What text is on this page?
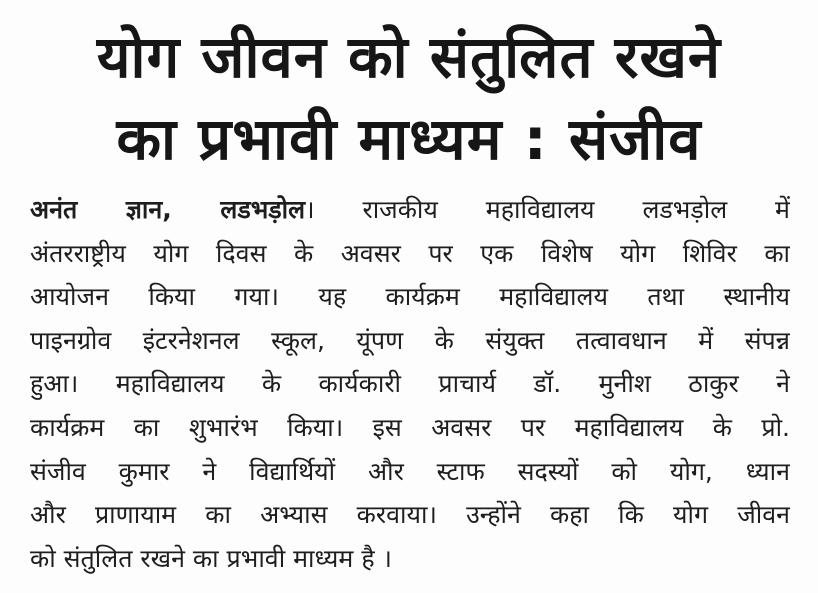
योग जीवन को संतुलित रखने
का प्रभावी माध्यम : संजीव
अनंत ज्ञान, लडभड़ोल। राजकीय महाविद्यालय लडभड़ोल में
अंतरराष्ट्रीय योग दिवस के अवसर पर एक विशेष योग शिविर का
आयोजन किया गया। यह कार्यक्रम महाविद्यालय तथा स्थानीय
पाइनग्रोव इंटरनेशनल स्कूल, यूंपण के संयुक्त तत्वावधान में संपन्न
हुआ। महाविद्यालय के कार्यकारी प्राचार्य डॉ. मुनीश ठाकुर ने
कार्यक्रम का शुभारंभ किया। इस अवसर पर महाविद्यालय के प्रो.
संजीव कुमार ने विद्यार्थियों और स्टाफ सदस्यों को योग, ध्यान
और प्राणायाम का अभ्यास करवाया। उन्होंने कहा कि योग जीवन
को संतुलित रखने का प्रभावी माध्यम है ।
